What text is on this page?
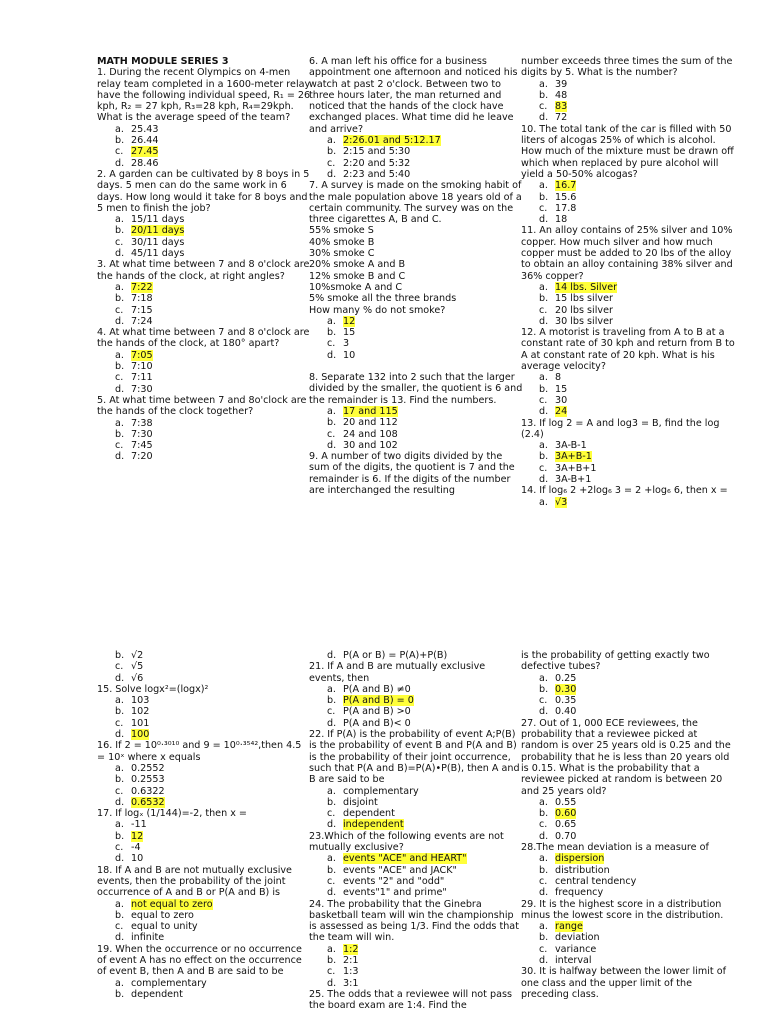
MATH MODULE SERIES 3

1. During the recent Olympics on 4-men relay team completed in a 1600-meter relay have the following individual speed, R₁ = 26 kph, R₂ = 27 kph, R₃=28 kph, R₄=29kph. What is the average speed of the team?

a. 25.43

b. 26.44

c. 27.45

d. 28.46

2. A garden can be cultivated by 8 boys in 5 days. 5 men can do the same work in 6 days. How long would it take for 8 boys and 5 men to finish the job?

a. 15/11 days

b. 20/11 days

c. 30/11 days

d. 45/11 days

3. At what time between 7 and 8 o'clock are the hands of the clock, at right angles?

a. 7:22

b. 7:18

c. 7:15

d. 7:24

4. At what time between 7 and 8 o'clock are the hands of the clock, at 180° apart?

a. 7:05

b. 7:10

c. 7:11

d. 7:30

5. At what time between 7 and 8o'clock are the hands of the clock together?

a. 7:38

b. 7:30

c. 7:45

d. 7:20

6. A man left his office for a business appointment one afternoon and noticed his watch at past 2 o'clock. Between two to three hours later, the man returned and noticed that the hands of the clock have exchanged places. What time did he leave and arrive?

a. 2:26.01 and 5:12.17

b. 2:15 and 5:30

c. 2:20 and 5:32

d. 2:23 and 5:40

7. A survey is made on the smoking habit of the male population above 18 years old of a certain community. The survey was on the three cigarettes A, B and C.

55% smoke S

40% smoke B

30% smoke C

20% smoke A and B

12% smoke B and C

10%smoke A and C

5% smoke all the three brands

How many % do not smoke?

a. 12

b. 15

c. 3

d. 10

8. Separate 132 into 2 such that the larger divided by the smaller, the quotient is 6 and the remainder is 13. Find the numbers.

a. 17 and 115

b. 20 and 112

c. 24 and 108

d. 30 and 102

9. A number of two digits divided by the sum of the digits, the quotient is 7 and the remainder is 6. If the digits of the number are interchanged the resulting

number exceeds three times the sum of the digits by 5. What is the number?

a. 39

b. 48

c. 83

d. 72

10. The total tank of the car is filled with 50 liters of alcogas 25% of which is alcohol. How much of the mixture must be drawn off which when replaced by pure alcohol will yield a 50-50% alcogas?

a. 16.7

b. 15.6

c. 17.8

d. 18

11. An alloy contains of 25% silver and 10% copper. How much silver and how much copper must be added to 20 lbs of the alloy to obtain an alloy containing 38% silver and 36% copper?

a. 14 lbs. Silver

b. 15 lbs silver

c. 20 lbs silver

d. 30 lbs silver

12. A motorist is traveling from A to B at a constant rate of 30 kph and return from B to A at constant rate of 20 kph. What is his average velocity?

a. 8

b. 15

c. 30

d. 24

13. If log 2 = A and log3 = B, find the log (2.4)

a. 3A-B-1

b. 3A+B-1

c. 3A+B+1

d. 3A-B+1

14. If log₆ 2 +2log₆ 3 = 2 +log₆ 6, then x =

a. √3

b. √2

c. √5

d. √6

15. Solve logx²=(logx)²

a. 103

b. 102

c. 101

d. 100

16. If 2 = 10⁰·³⁰¹⁰ and 9 = 10⁰·³⁵⁴²,then 4.5 = 10ˣ where x equals

a. 0.2552

b. 0.2553

c. 0.6322

d. 0.6532

17. If logₓ (1/144)=-2, then x =

a. -11

b. 12

c. -4

d. 10

18. If A and B are not mutually exclusive events, then the probability of the joint occurrence of A and B or P(A and B) is

a. not equal to zero

b. equal to zero

c. equal to unity

d. infinite

19. When the occurrence or no occurrence of event A has no effect on the occurrence of event B, then A and B are said to be

a. complementary

b. dependent

d. P(A or B) = P(A)+P(B)

21. If A and B are mutually exclusive events, then

a. P(A and B) ≠0

b. P(A and B) = 0

c. P(A and B) >0

d. P(A and B)< 0

22. If P(A) is the probability of event A;P(B) is the probability of event B and P(A and B) is the probability of their joint occurrence, such that P(A and B)=P(A)•P(B), then A and B are said to be

a. complementary

b. disjoint

c. dependent

d. independent

23.Which of the following events are not mutually exclusive?

a. events "ACE" and HEART"

b. events "ACE" and JACK"

c. events "2" and "odd"

d. events"1" and prime"

24. The probability that the Ginebra basketball team will win the championship is assessed as being 1/3. Find the odds that the team will win.

a. 1:2

b. 2:1

c. 1:3

d. 3:1

25. The odds that a reviewee will not pass the board exam are 1:4. Find the

is the probability of getting exactly two defective tubes?

a. 0.25

b. 0.30

c. 0.35

d. 0.40

27. Out of 1, 000 ECE reviewees, the probability that a reviewee picked at random is over 25 years old is 0.25 and the probability that he is less than 20 years old is 0.15. What is the probability that a reviewee picked at random is between 20 and 25 years old?

a. 0.55

b. 0.60

c. 0.65

d. 0.70

28.The mean deviation is a measure of

a. dispersion

b. distribution

c. central tendency

d. frequency

29. It is the highest score in a distribution minus the lowest score in the distribution.

a. range

b. deviation

c. variance

d. interval

30. It is halfway between the lower limit of one class and the upper limit of the preceding class.
